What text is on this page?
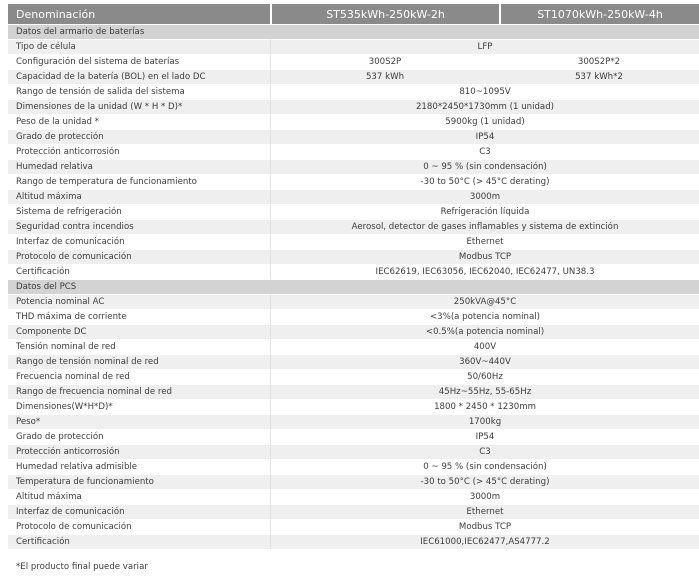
Denominación	ST535kWh-250kW-2h	ST1070kWh-250kW-4h
Datos del armario de baterías		
Tipo de célula	LFP	
Configuración del sistema de baterías	300S2P	300S2P*2
Capacidad de la batería (BOL) en el lado DC	537 kWh	537 kWh*2
Rango de tensión de salida del sistema	810~1095V	
Dimensiones de la unidad (W * H * D)*	2180*2450*1730mm (1 unidad)	
Peso de la unidad *	5900kg (1 unidad)	
Grado de protección	IP54	
Protección anticorrosión	C3	
Humedad relativa	0 ~ 95 % (sin condensación)	
Rango de temperatura de funcionamiento	-30 to 50°C (> 45°C derating)	
Altitud máxima	3000m	
Sistema de refrigeración	Refrigeración líquida	
Seguridad contra incendios	Aerosol, detector de gases inflamables y sistema de extinción	
Interfaz de comunicación	Ethernet	
Protocolo de comunicación	Modbus TCP	
Certificación	IEC62619, IEC63056, IEC62040, IEC62477, UN38.3	
Datos del PCS		
Potencia nominal AC	250kVA@45°C	
THD máxima de corriente	<3%(a potencia nominal)	
Componente DC	<0.5%(a potencia nominal)	
Tensión nominal de red	400V	
Rango de tensión nominal de red	360V~440V	
Frecuencia nominal de red	50/60Hz	
Rango de frecuencia nominal de red	45Hz~55Hz, 55-65Hz	
Dimensiones(W*H*D)*	1800 * 2450 * 1230mm	
Peso*	1700kg	
Grado de protección	IP54	
Protección anticorrosión	C3	
Humedad relativa admisible	0 ~ 95 % (sin condensación)	
Temperatura de funcionamiento	-30 to 50°C (> 45°C derating)	
Altitud máxima	3000m	
Interfaz de comunicación	Ethernet	
Protocolo de comunicación	Modbus TCP	
Certificación	IEC61000,IEC62477,AS4777.2	
*El producto final puede variar
